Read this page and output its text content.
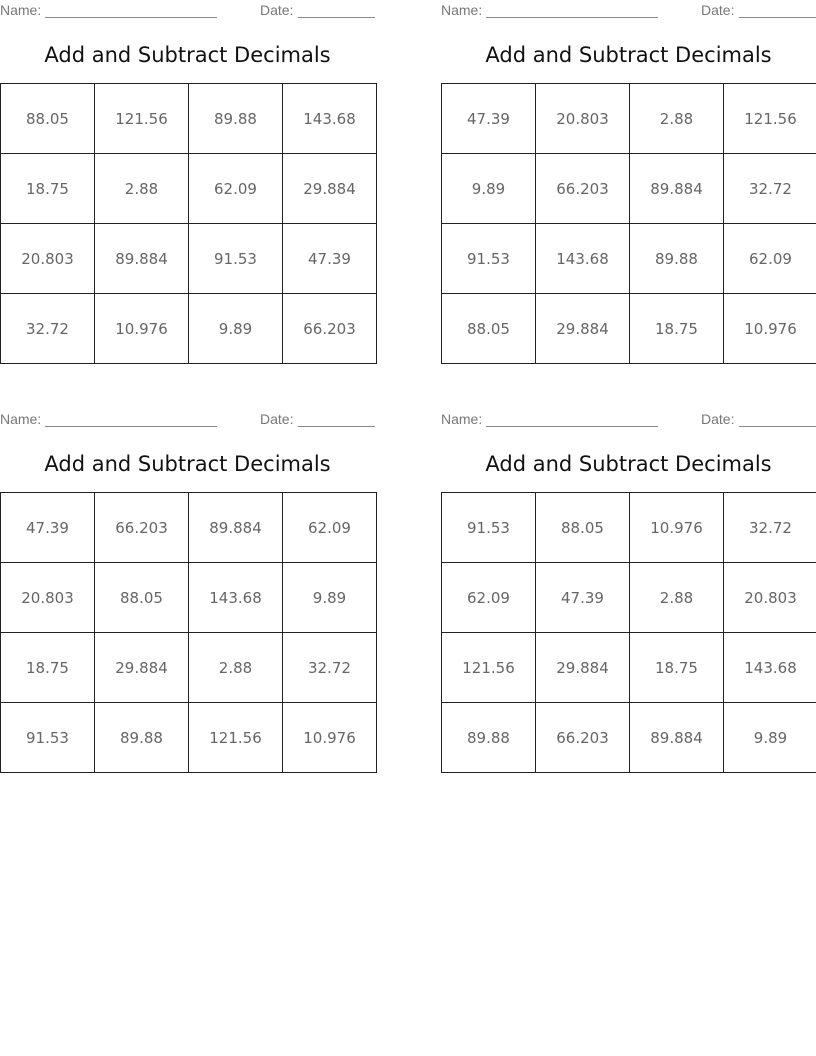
Name:	Date:
Add and Subtract Decimals
88.05	121.56	89.88	143.68
18.75	2.88	62.09	29.884
20.803	89.884	91.53	47.39
32.72	10.976	9.89	66.203
Name:	Date:
Add and Subtract Decimals
47.39	20.803	2.88	121.56
9.89	66.203	89.884	32.72
91.53	143.68	89.88	62.09
88.05	29.884	18.75	10.976
Name:	Date:
Add and Subtract Decimals
47.39	66.203	89.884	62.09
20.803	88.05	143.68	9.89
18.75	29.884	2.88	32.72
91.53	89.88	121.56	10.976
Name:	Date:
Add and Subtract Decimals
91.53	88.05	10.976	32.72
62.09	47.39	2.88	20.803
121.56	29.884	18.75	143.68
89.88	66.203	89.884	9.89
